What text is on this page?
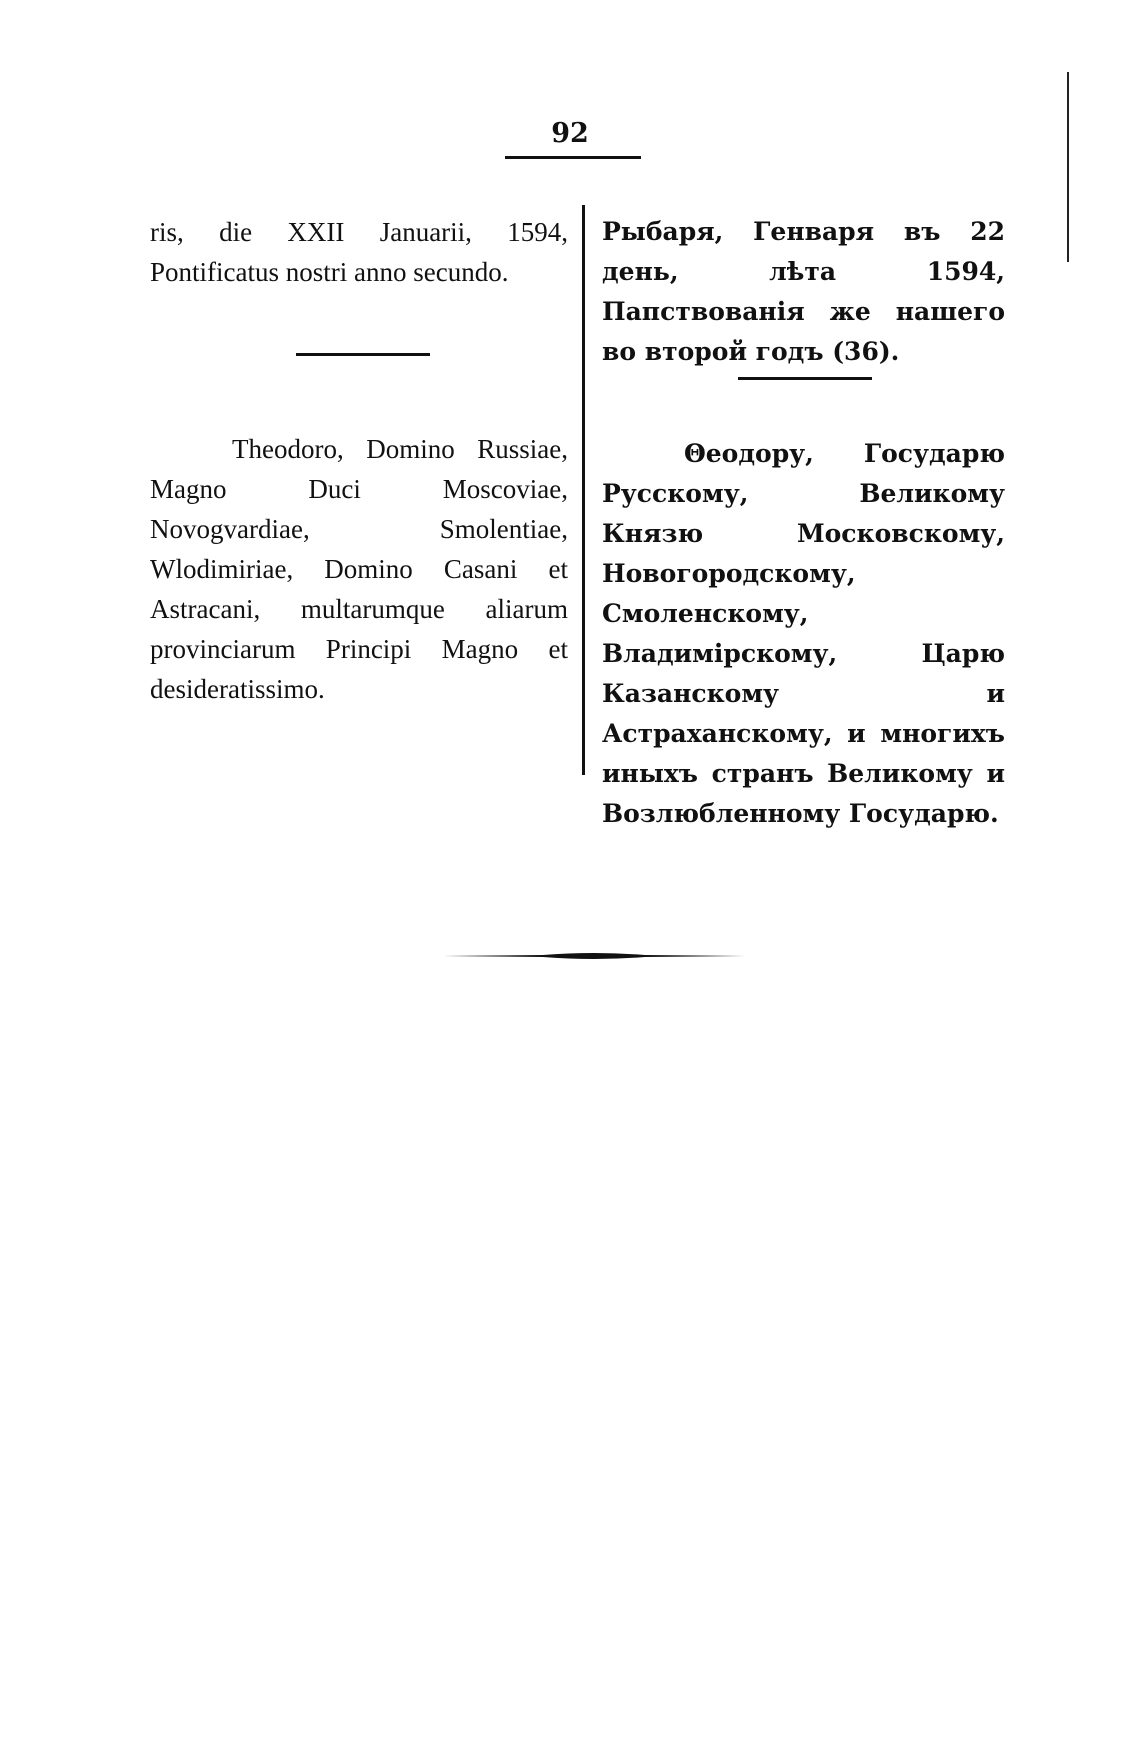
92

ris, die XXII Januarii, 1594, Pontificatus nostri anno secundo.

Theodoro, Domino Russiae, Magno Duci Moscoviae, Novogvardiae, Smolentiae, Wlodimiriae, Domino Casani et Astracani, multarumque aliarum provinciarum Principi Magno et desideratissimo.

Рыбаря, Генваря въ 22 день, лѣта 1594, Папствованія же нашего во второй годъ (36).

Θеодору, Государю Русскому, Великому Князю Московскому, Новогородскому, Смоленскому, Владимірскому, Царю Казанскому и Астраханскому, и многихъ иныхъ странъ Великому и Возлюбленному Государю.
